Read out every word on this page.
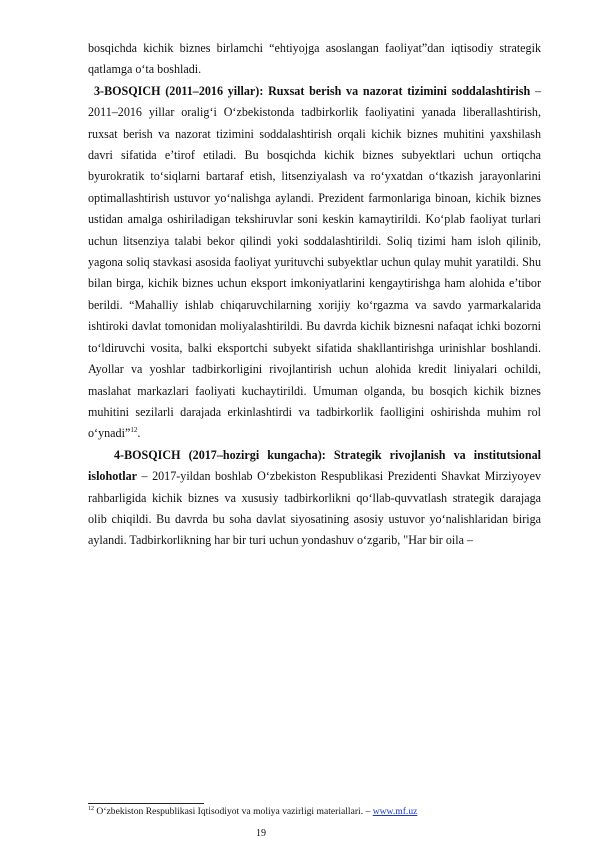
bosqichda kichik biznes birlamchi “ehtiyojga asoslangan faoliyat”dan iqtisodiy strategik qatlamga o‘ta boshladi.

3-BOSQICH (2011–2016 yillar): Ruxsat berish va nazorat tizimini soddalashtirish – 2011–2016 yillar oralig‘i O‘zbekistonda tadbirkorlik faoliyatini yanada liberallashtirish, ruxsat berish va nazorat tizimini soddalashtirish orqali kichik biznes muhitini yaxshilash davri sifatida e’tirof etiladi. Bu bosqichda kichik biznes subyektlari uchun ortiqcha byurokratik to‘siqlarni bartaraf etish, litsenziyalash va ro‘yxatdan o‘tkazish jarayonlarini optimallashtirish ustuvor yo‘nalishga aylandi. Prezident farmonlariga binoan, kichik biznes ustidan amalga oshiriladigan tekshiruvlar soni keskin kamaytirildi. Ko‘plab faoliyat turlari uchun litsenziya talabi bekor qilindi yoki soddalashtirildi. Soliq tizimi ham isloh qilinib, yagona soliq stavkasi asosida faoliyat yurituvchi subyektlar uchun qulay muhit yaratildi. Shu bilan birga, kichik biznes uchun eksport imkoniyatlarini kengaytirishga ham alohida e’tibor berildi. “Mahalliy ishlab chiqaruvchilarning xorijiy ko‘rgazma va savdo yarmarkalarida ishtiroki davlat tomonidan moliyalashtirildi. Bu davrda kichik biznesni nafaqat ichki bozorni to‘ldiruvchi vosita, balki eksportchi subyekt sifatida shakllantirishga urinishlar boshlandi. Ayollar va yoshlar tadbirkorligini rivojlantirish uchun alohida kredit liniyalari ochildi, maslahat markazlari faoliyati kuchaytirildi. Umuman olganda, bu bosqich kichik biznes muhitini sezilarli darajada erkinlashtirdi va tadbirkorlik faolligini oshirishda muhim rol o‘ynadi”$^{12}$.

4-BOSQICH (2017–hozirgi kungacha): Strategik rivojlanish va institutsional islohotlar – 2017-yildan boshlab O‘zbekiston Respublikasi Prezidenti Shavkat Mirziyoyev rahbarligida kichik biznes va xususiy tadbirkorlikni qo‘llab-quvvatlash strategik darajaga olib chiqildi. Bu davrda bu soha davlat siyosatining asosiy ustuvor yo‘nalishlaridan biriga aylandi. Tadbirkorlikning har bir turi uchun yondashuv o‘zgarib, "Har bir oila –

$^{12}$ O‘zbekiston Respublikasi Iqtisodiyot va moliya vazirligi materiallari. – www.mf.uz
19
